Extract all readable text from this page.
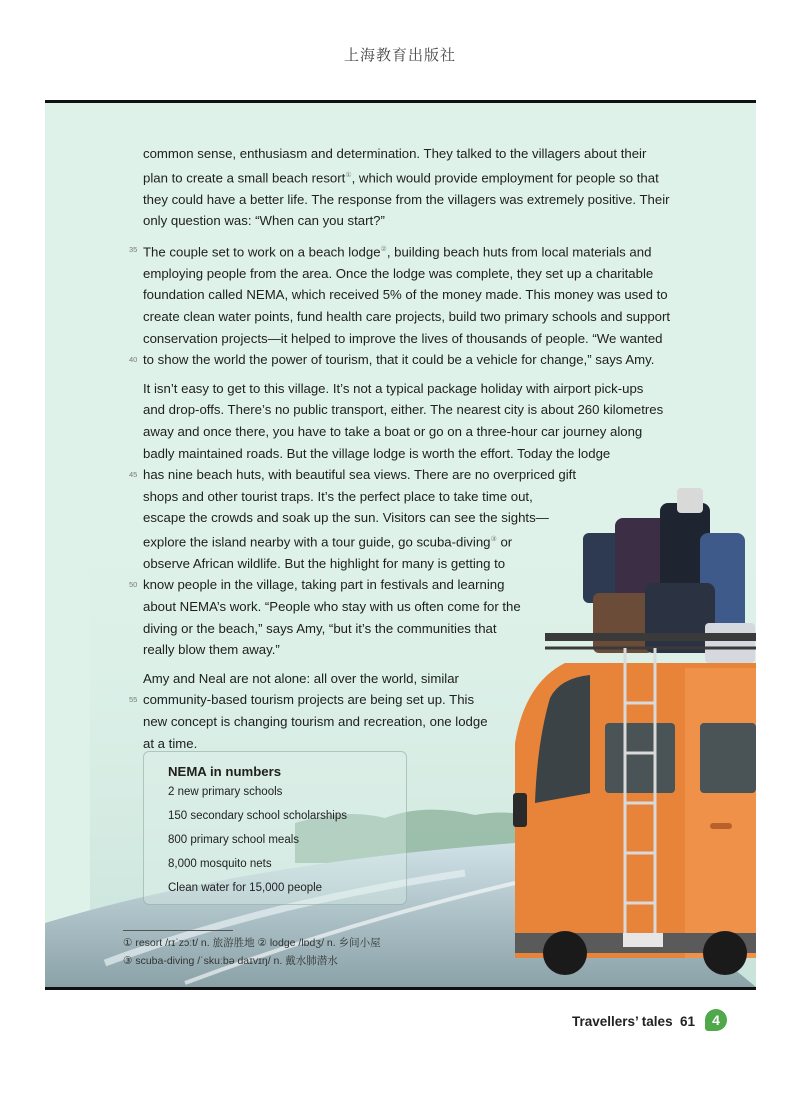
上海教育出版社

common sense, enthusiasm and determination. They talked to the villagers about their
plan to create a small beach resort①, which would provide employment for people so that
they could have a better life. The response from the villagers was extremely positive. Their
only question was: “When can you start?”

35 The couple set to work on a beach lodge②, building beach huts from local materials and
employing people from the area. Once the lodge was complete, they set up a charitable
foundation called NEMA, which received 5% of the money made. This money was used to
create clean water points, fund health care projects, build two primary schools and support
conservation projects—it helped to improve the lives of thousands of people. “We wanted
40 to show the world the power of tourism, that it could be a vehicle for change,” says Amy.

It isn’t easy to get to this village. It’s not a typical package holiday with airport pick-ups
and drop-offs. There’s no public transport, either. The nearest city is about 260 kilometres
away and once there, you have to take a boat or go on a three-hour car journey along
badly maintained roads. But the village lodge is worth the effort. Today the lodge
45 has nine beach huts, with beautiful sea views. There are no overpriced gift
shops and other tourist traps. It’s the perfect place to take time out,
escape the crowds and soak up the sun. Visitors can see the sights—
explore the island nearby with a tour guide, go scuba-diving③ or
observe African wildlife. But the highlight for many is getting to
50 know people in the village, taking part in festivals and learning
about NEMA’s work. “People who stay with us often come for the
diving or the beach,” says Amy, “but it’s the communities that
really blow them away.”

Amy and Neal are not alone: all over the world, similar
55 community-based tourism projects are being set up. This
new concept is changing tourism and recreation, one lodge
at a time.

NEMA in numbers
2 new primary schools
150 secondary school scholarships
800 primary school meals
8,000 mosquito nets
Clean water for 15,000 people
① resort /rɪˈzɔːt/ n. 旅游胜地 ② lodge /lɒdʒ/ n. 乡间小屋
③ scuba-diving /ˈskuːbə daɪvɪŋ/ n. 戴水肺潜水
Travellers’ tales 61	4
